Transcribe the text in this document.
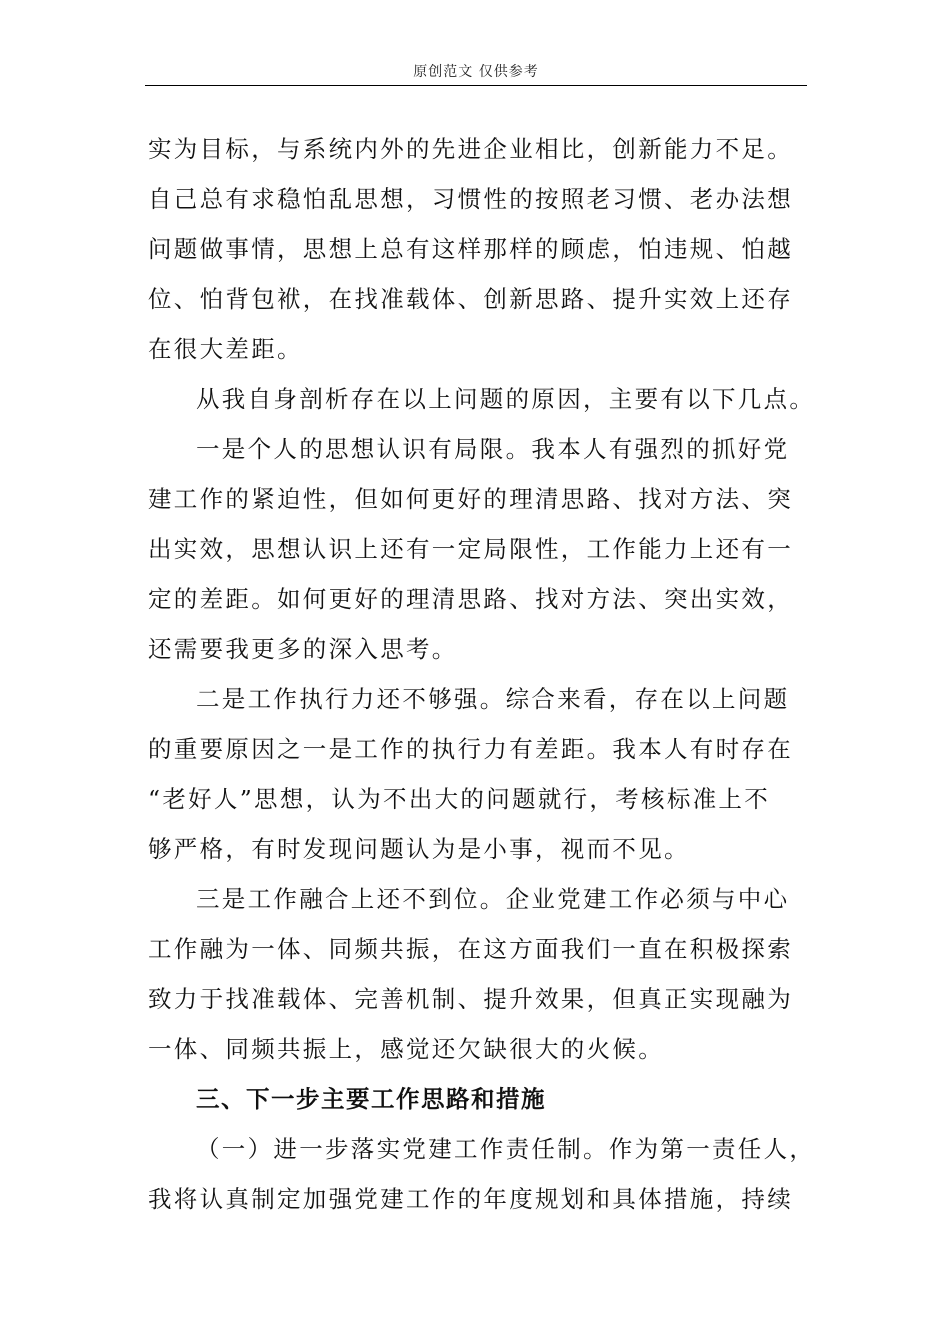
原创范文 仅供参考
实为目标，与系统内外的先进企业相比，创新能力不足。
自己总有求稳怕乱思想，习惯性的按照老习惯、老办法想
问题做事情，思想上总有这样那样的顾虑，怕违规、怕越
位、怕背包袱，在找准载体、创新思路、提升实效上还存
在很大差距。
从我自身剖析存在以上问题的原因，主要有以下几点。
一是个人的思想认识有局限。我本人有强烈的抓好党
建工作的紧迫性，但如何更好的理清思路、找对方法、突
出实效，思想认识上还有一定局限性，工作能力上还有一
定的差距。如何更好的理清思路、找对方法、突出实效，
还需要我更多的深入思考。
二是工作执行力还不够强。综合来看，存在以上问题
的重要原因之一是工作的执行力有差距。我本人有时存在
“老好人”思想，认为不出大的问题就行，考核标准上不
够严格，有时发现问题认为是小事，视而不见。
三是工作融合上还不到位。企业党建工作必须与中心
工作融为一体、同频共振，在这方面我们一直在积极探索
致力于找准载体、完善机制、提升效果，但真正实现融为
一体、同频共振上，感觉还欠缺很大的火候。
三、下一步主要工作思路和措施
（一）进一步落实党建工作责任制。作为第一责任人，
我将认真制定加强党建工作的年度规划和具体措施，持续
